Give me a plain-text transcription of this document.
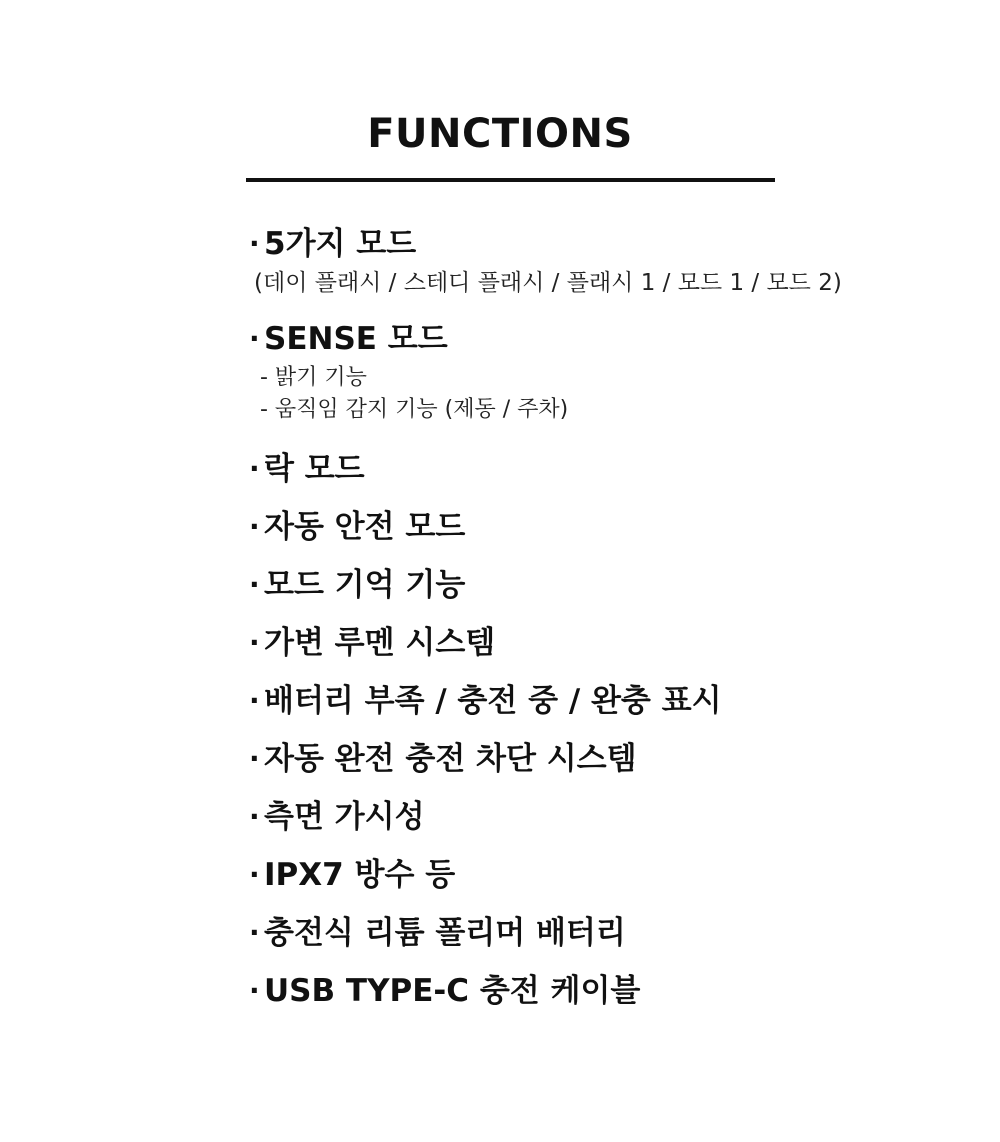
FUNCTIONS
· 5가지 모드
(데이 플래시 / 스테디 플래시 / 플래시 1 / 모드 1 / 모드 2)
· SENSE 모드
- 밝기 기능
- 움직임 감지 기능 (제동 / 주차)
· 락 모드
· 자동 안전 모드
· 모드 기억 기능
· 가변 루멘 시스템
· 배터리 부족 / 충전 중 / 완충 표시
· 자동 완전 충전 차단 시스템
· 측면 가시성
· IPX7 방수 등
· 충전식 리튬 폴리머 배터리
· USB TYPE-C 충전 케이블
